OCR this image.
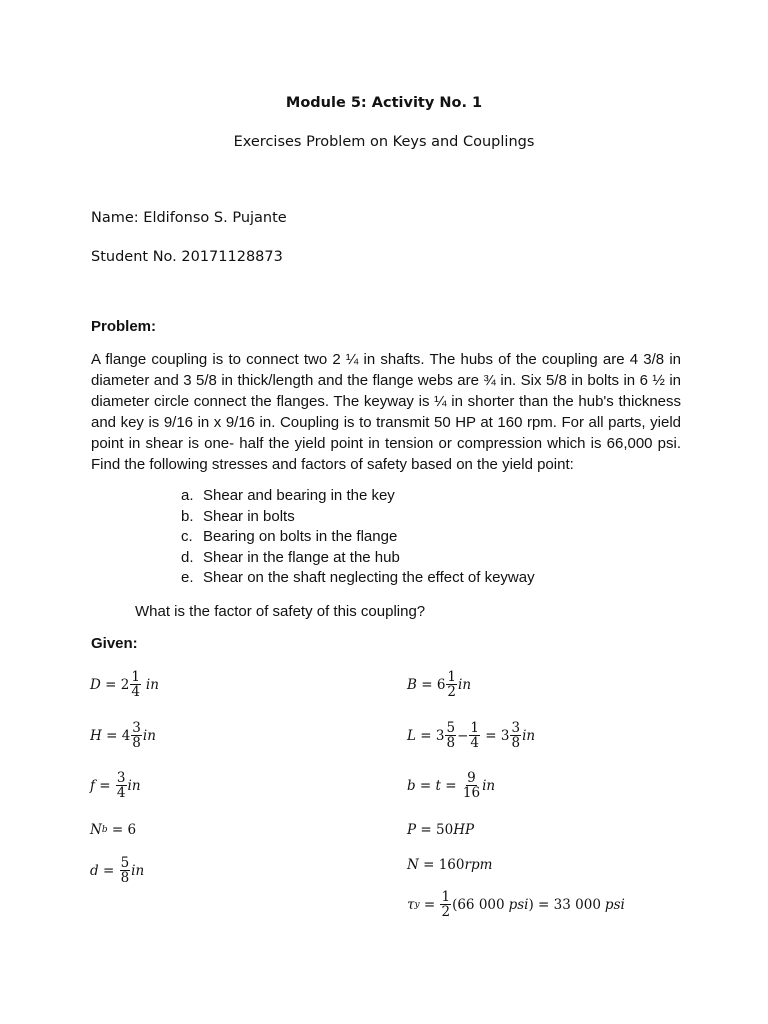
Module 5: Activity No. 1
Exercises Problem on Keys and Couplings
Name: Eldifonso S. Pujante
Student No. 20171128873
Problem:

A flange coupling is to connect two 2 ¼ in shafts. The hubs of the coupling are 4 3/8 in diameter and 3 5/8 in thick/length and the flange webs are ¾ in. Six 5/8 in bolts in 6 ½ in diameter circle connect the flanges. The keyway is ¼ in shorter than the hub's thickness and key is 9/16 in x 9/16 in. Coupling is to transmit 50 HP at 160 rpm. For all parts, yield point in shear is one- half the yield point in tension or compression which is 66,000 psi. Find the following stresses and factors of safety based on the yield point:

a. Shear and bearing in the key
b. Shear in bolts
c. Bearing on bolts in the flange
d. Shear in the flange at the hub
e. Shear on the shaft neglecting the effect of keyway
What is the factor of safety of this coupling?
Given:
$D = 2 \frac{1}{4}$ in
$H = 4 \frac{3}{8}$ in
$f = \frac{3}{4}$ in
N b = 6
$d = \frac{5}{8}$ in
$B = 6 \frac{1}{2}$ in
$L = 3 \frac{5}{8} - \frac{1}{4} = 3 \frac{3}{8}$ in
$b = t = \frac{9}{16}$ in
P = 50 HP
N = 160 rpm
τ $y = \frac{1}{2}$ ( 66 000 psi ) = 33 000 psi
